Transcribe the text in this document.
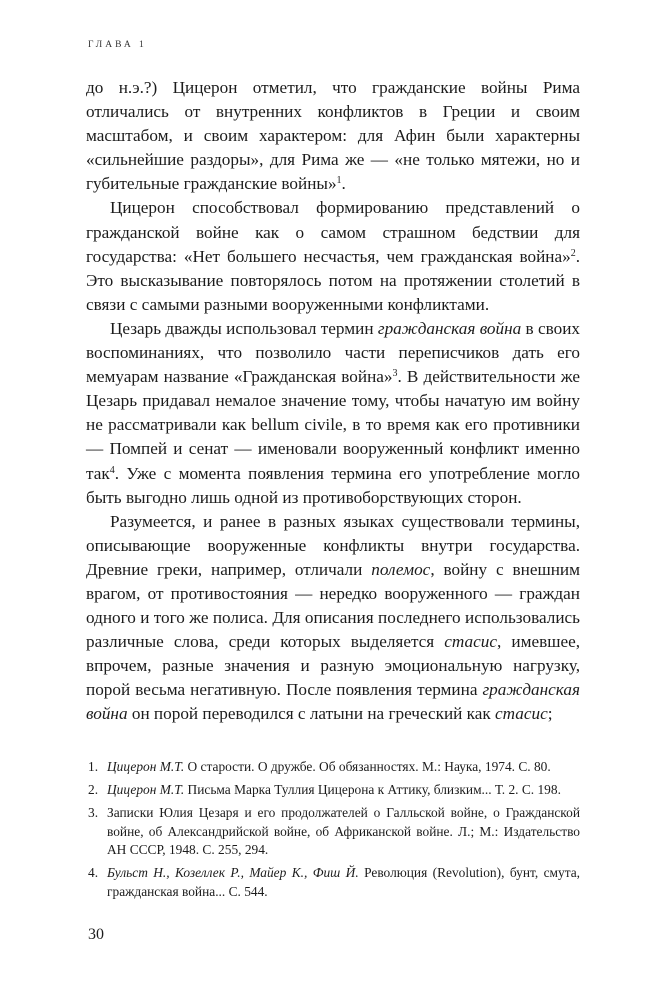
ГЛАВА 1

до н.э.?) Цицерон отметил, что гражданские войны Рима отличались от внутренних конфликтов в Греции и своим масштабом, и своим характером: для Афин были характерны «сильнейшие раздоры», для Рима же — «не только мятежи, но и губительные гражданские войны»$^1$.

Цицерон способствовал формированию представлений о гражданской войне как о самом страшном бедствии для государства: «Нет большего несчастья, чем гражданская война»$^2$. Это высказывание повторялось потом на протяжении столетий в связи с самыми разными вооруженными конфликтами.

Цезарь дважды использовал термин гражданская война в своих воспоминаниях, что позволило части переписчиков дать его мемуарам название «Гражданская война»$^3$. В действительности же Цезарь придавал немалое значение тому, чтобы начатую им войну не рассматривали как bellum civile, в то время как его противники — Помпей и сенат — именовали вооруженный конфликт именно так$^4$. Уже с момента появления термина его употребление могло быть выгодно лишь одной из противоборствующих сторон.

Разумеется, и ранее в разных языках существовали термины, описывающие вооруженные конфликты внутри государства. Древние греки, например, отличали полемос, войну с внешним врагом, от противостояния — нередко вооруженного — граждан одного и того же полиса. Для описания последнего использовались различные слова, среди которых выделяется стасис, имевшее, впрочем, разные значения и разную эмоциональную нагрузку, порой весьма негативную. После появления термина гражданская война он порой переводился с латыни на греческий как стасис;

1. Цицерон М.Т. О старости. О дружбе. Об обязанностях. М.: Наука, 1974. С. 80.
2. Цицерон М.Т. Письма Марка Туллия Цицерона к Аттику, близким... Т. 2. С. 198.
3. Записки Юлия Цезаря и его продолжателей о Галльской войне, о Гражданской войне, об Александрийской войне, об Африканской войне. Л.; М.: Издательство АН СССР, 1948. С. 255, 294.
4. Бульст Н., Козеллек Р., Майер К., Фиш Й. Революция (Revolution), бунт, смута, гражданская война... С. 544.
30
